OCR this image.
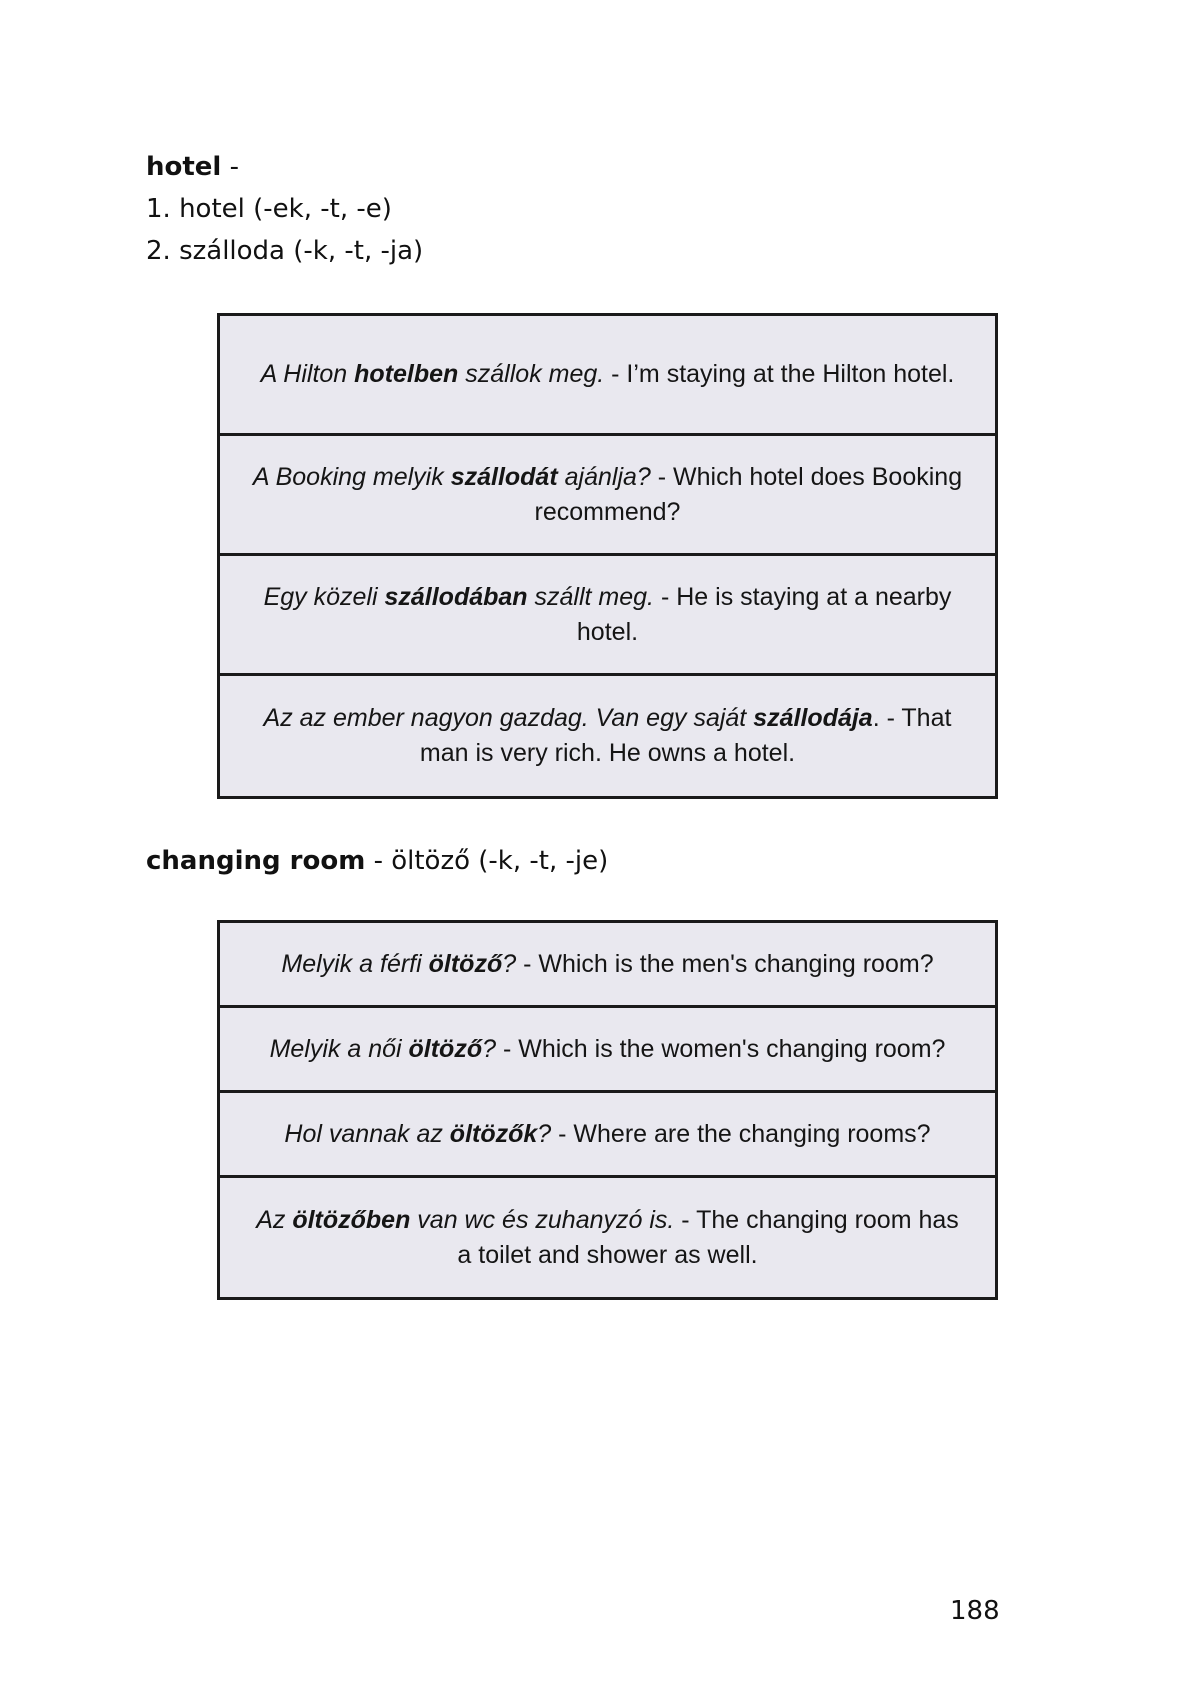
hotel -
1. hotel (-ek, -t, -e)
2. szálloda (-k, -t, -ja)
A Hilton hotelben szállok meg. - I’m staying at the Hilton hotel.
A Booking melyik szállodát ajánlja? - Which hotel does Booking recommend?
Egy közeli szállodában szállt meg. - He is staying at a nearby hotel.
Az az ember nagyon gazdag. Van egy saját szállodája. - That man is very rich. He owns a hotel.
changing room - öltöző (-k, -t, -je)
Melyik a férfi öltöző? - Which is the men's changing room?
Melyik a női öltöző? - Which is the women's changing room?
Hol vannak az öltözők? - Where are the changing rooms?
Az öltözőben van wc és zuhanyzó is. - The changing room has a toilet and shower as well.
188
